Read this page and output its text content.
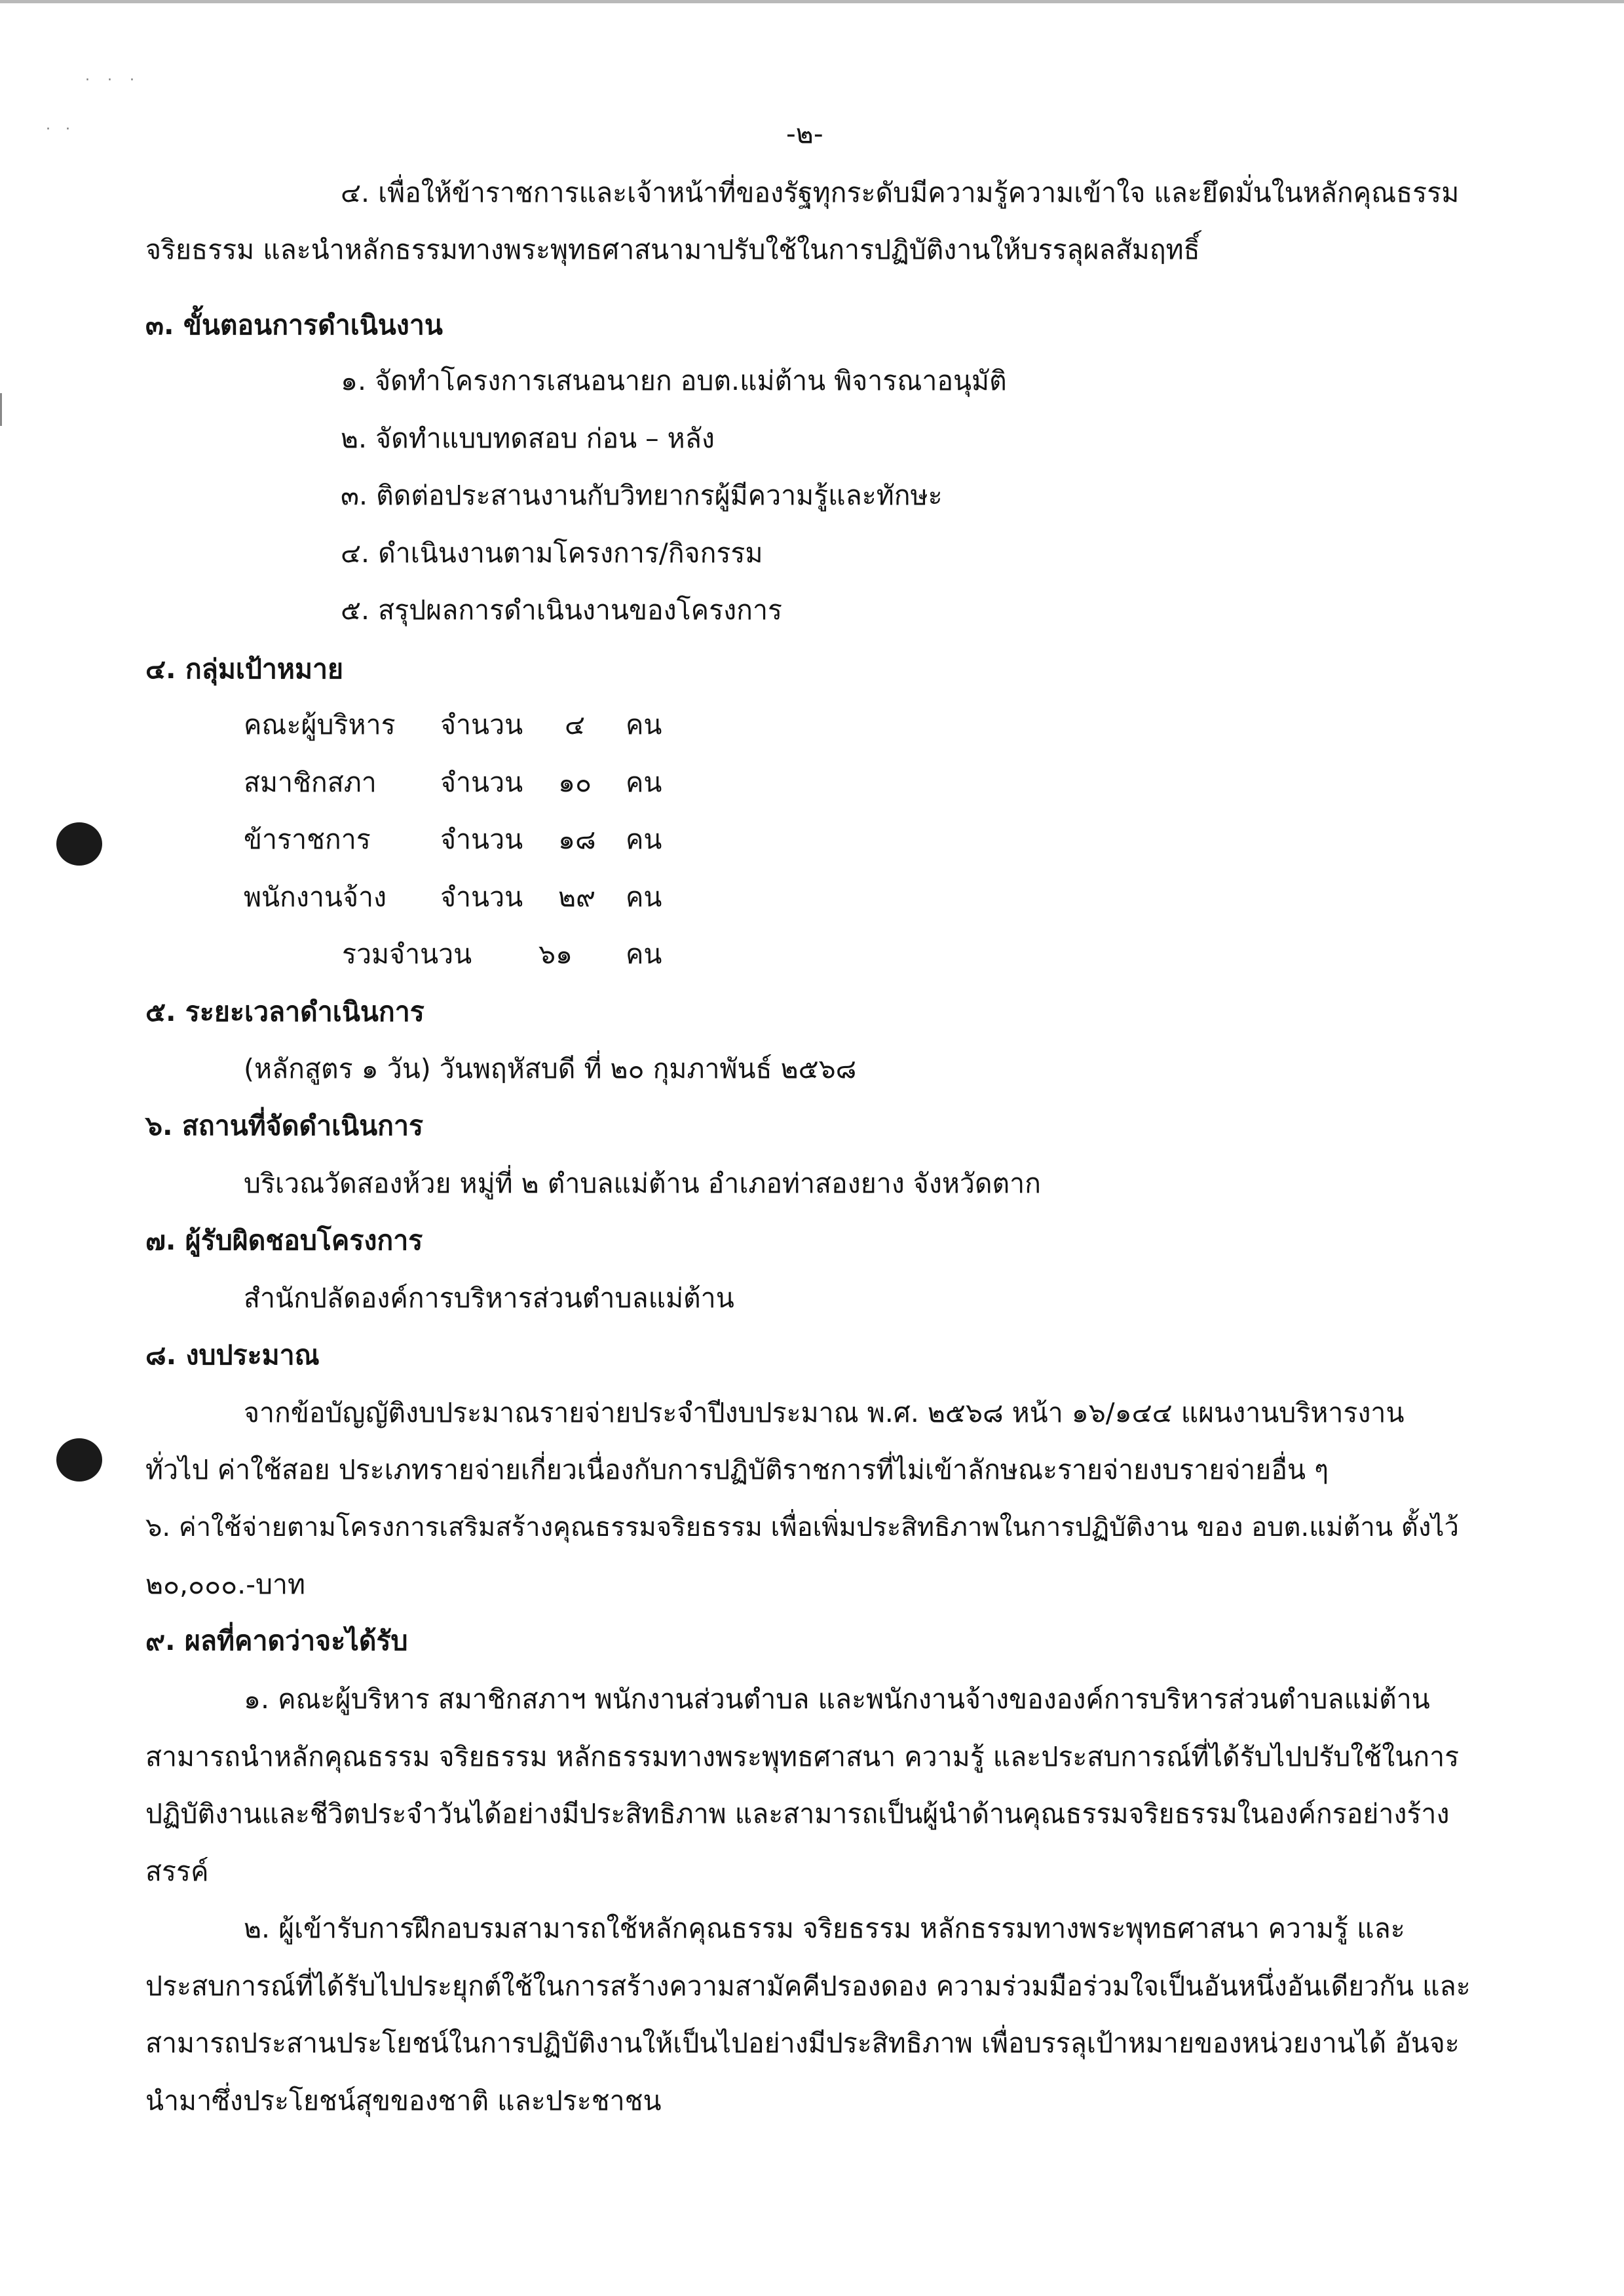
· · ·
· ·	-๒-
๔. เพื่อให้ข้าราชการและเจ้าหน้าที่ของรัฐทุกระดับมีความรู้ความเข้าใจ และยึดมั่นในหลักคุณธรรม
จริยธรรม และนำหลักธรรมทางพระพุทธศาสนามาปรับใช้ในการปฏิบัติงานให้บรรลุผลสัมฤทธิ์
๓. ขั้นตอนการดำเนินงาน
๑. จัดทำโครงการเสนอนายก อบต.แม่ต้าน พิจารณาอนุมัติ
๒. จัดทำแบบทดสอบ ก่อน – หลัง
๓. ติดต่อประสานงานกับวิทยากรผู้มีความรู้และทักษะ
๔. ดำเนินงานตามโครงการ/กิจกรรม
๕. สรุปผลการดำเนินงานของโครงการ
๔. กลุ่มเป้าหมาย
คณะผู้บริหาร จำนวน ๔ คน
สมาชิกสภา จำนวน ๑๐ คน
ข้าราชการ	จำนวน ๑๘ คน
พนักงานจ้าง จำนวน ๒๙ คน
รวมจำนวน ๖๑ คน
๕. ระยะเวลาดำเนินการ
(หลักสูตร ๑ วัน) วันพฤหัสบดี ที่ ๒๐ กุมภาพันธ์ ๒๕๖๘
๖. สถานที่จัดดำเนินการ
บริเวณวัดสองห้วย หมู่ที่ ๒ ตำบลแม่ต้าน อำเภอท่าสองยาง จังหวัดตาก
๗. ผู้รับผิดชอบโครงการ
สำนักปลัดองค์การบริหารส่วนตำบลแม่ต้าน
๘. งบประมาณ
จากข้อบัญญัติงบประมาณรายจ่ายประจำปีงบประมาณ พ.ศ. ๒๕๖๘ หน้า ๑๖/๑๔๔ แผนงานบริหารงาน
ทั่วไป ค่าใช้สอย ประเภทรายจ่ายเกี่ยวเนื่องกับการปฏิบัติราชการที่ไม่เข้าลักษณะรายจ่ายงบรายจ่ายอื่น ๆ
๖. ค่าใช้จ่ายตามโครงการเสริมสร้างคุณธรรมจริยธรรม เพื่อเพิ่มประสิทธิภาพในการปฏิบัติงาน ของ อบต.แม่ต้าน ตั้งไว้
๒๐,๐๐๐.-บาท
๙. ผลที่คาดว่าจะได้รับ
๑. คณะผู้บริหาร สมาชิกสภาฯ พนักงานส่วนตำบล และพนักงานจ้างขององค์การบริหารส่วนตำบลแม่ต้าน
สามารถนำหลักคุณธรรม จริยธรรม หลักธรรมทางพระพุทธศาสนา ความรู้ และประสบการณ์ที่ได้รับไปปรับใช้ในการ
ปฏิบัติงานและชีวิตประจำวันได้อย่างมีประสิทธิภาพ และสามารถเป็นผู้นำด้านคุณธรรมจริยธรรมในองค์กรอย่างร้าง
สรรค์
๒. ผู้เข้ารับการฝึกอบรมสามารถใช้หลักคุณธรรม จริยธรรม หลักธรรมทางพระพุทธศาสนา ความรู้ และ
ประสบการณ์ที่ได้รับไปประยุกต์ใช้ในการสร้างความสามัคคีปรองดอง ความร่วมมือร่วมใจเป็นอันหนึ่งอันเดียวกัน และ
สามารถประสานประโยชน์ในการปฏิบัติงานให้เป็นไปอย่างมีประสิทธิภาพ เพื่อบรรลุเป้าหมายของหน่วยงานได้ อันจะ
นำมาซึ่งประโยชน์สุขของชาติ และประชาชน
